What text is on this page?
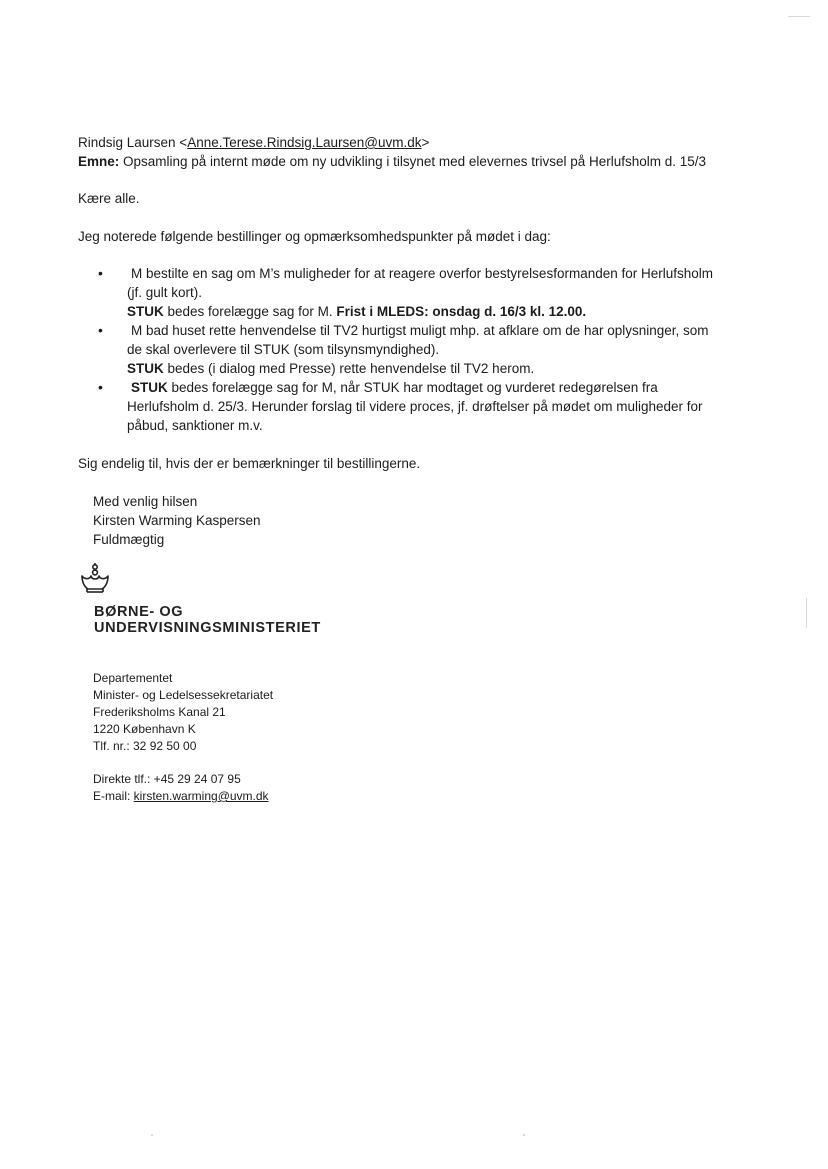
Rindsig Laursen <Anne.Terese.Rindsig.Laursen@uvm.dk>
Emne: Opsamling på internt møde om ny udvikling i tilsynet med elevernes trivsel på Herlufsholm d. 15/3
Kære alle.
Jeg noterede følgende bestillinger og opmærksomhedspunkter på mødet i dag:
• M bestilte en sag om M’s muligheder for at reagere overfor bestyrelsesformanden for Herlufsholm
(jf. gult kort).
STUK bedes forelægge sag for M. Frist i MLEDS: onsdag d. 16/3 kl. 12.00.
• M bad huset rette henvendelse til TV2 hurtigst muligt mhp. at afklare om de har oplysninger, som
de skal overlevere til STUK (som tilsynsmyndighed).
STUK bedes (i dialog med Presse) rette henvendelse til TV2 herom.
• STUK bedes forelægge sag for M, når STUK har modtaget og vurderet redegørelsen fra
Herlufsholm d. 25/3. Herunder forslag til videre proces, jf. drøftelser på mødet om muligheder for
påbud, sanktioner m.v.
Sig endelig til, hvis der er bemærkninger til bestillingerne.
Med venlig hilsen
Kirsten Warming Kaspersen
Fuldmægtig
BØRNE- OG
UNDERVISNINGSMINISTERIET
Departementet
Minister- og Ledelsessekretariatet
Frederiksholms Kanal 21
1220 København K
Tlf. nr.: 32 92 50 00
Direkte tlf.: +45 29 24 07 95
E-mail: kirsten.warming@uvm.dk
